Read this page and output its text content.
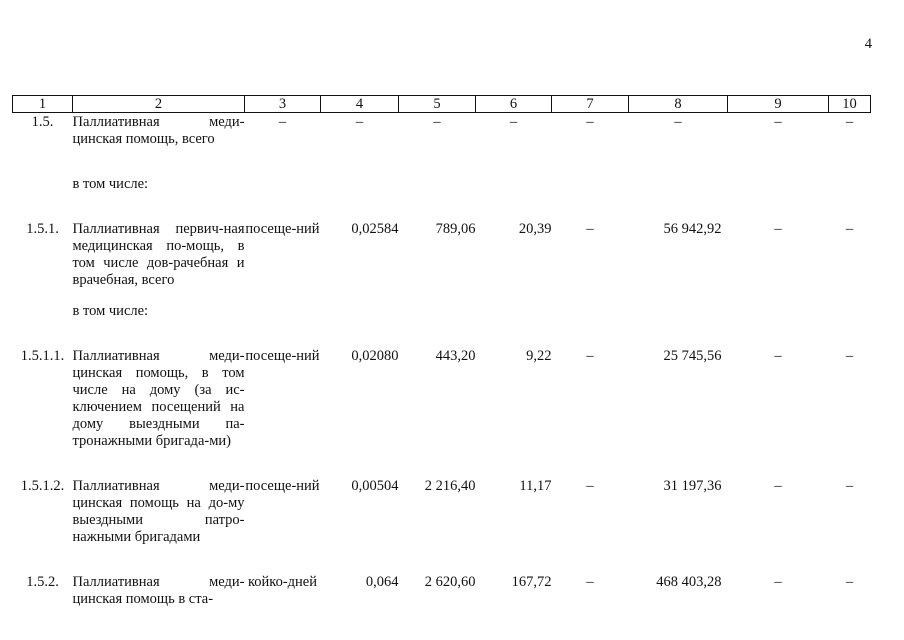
4
1	2	3	4	5	6	7	8	9	10
1.5.	Паллиативная меди-цинская помощь, всего	–	–	–	–	–	–	–	–

	в том числе:								

1.5.1.	Паллиативная первич-ная медицинская по-мощь, в том числе дов-рачебная и врачебная, всего	посеще-ний	0,02584	789,06	20,39	–	56 942,92	–	–

	в том числе:								

1.5.1.1.	Паллиативная меди-цинская помощь, в том числе на дому (за ис-ключением посещений на дому выездными па-тронажными бригада-ми)	посеще-ний	0,02080	443,20	9,22	–	25 745,56	–	–

1.5.1.2.	Паллиативная меди-цинская помощь на до-му выездными патро-нажными бригадами	посеще-ний	0,00504	2 216,40	11,17	–	31 197,36	–	–

1.5.2.	Паллиативная меди-цинская помощь в ста-	койко-дней	0,064	2 620,60	167,72	–	468 403,28	–	–
